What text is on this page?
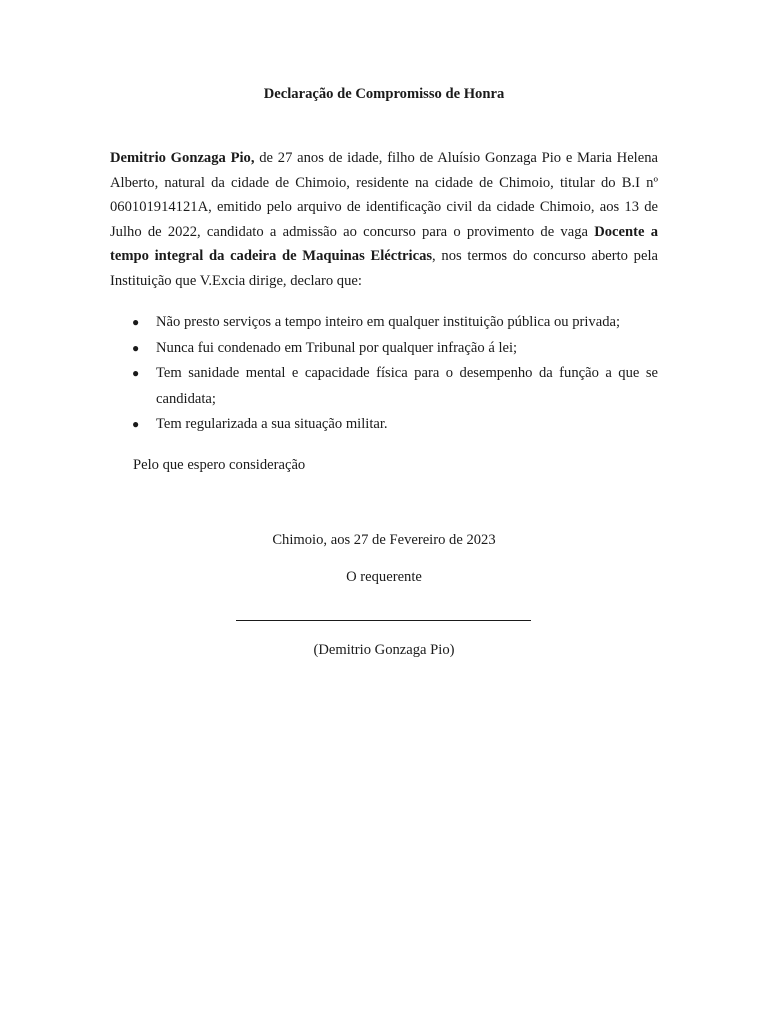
Declaração de Compromisso de Honra
Demitrio Gonzaga Pio, de 27 anos de idade, filho de Aluísio Gonzaga Pio e Maria Helena Alberto, natural da cidade de Chimoio, residente na cidade de Chimoio, titular do B.I nº 060101914121A, emitido pelo arquivo de identificação civil da cidade Chimoio, aos 13 de Julho de 2022, candidato a admissão ao concurso para o provimento de vaga Docente a tempo integral da cadeira de Maquinas Eléctricas, nos termos do concurso aberto pela Instituição que V.Excia dirige, declaro que:
● Não presto serviços a tempo inteiro em qualquer instituição pública ou privada;
● Nunca fui condenado em Tribunal por qualquer infração á lei;
● Tem sanidade mental e capacidade física para o desempenho da função a que se candidata;
● Tem regularizada a sua situação militar.
Pelo que espero consideração
Chimoio, aos 27 de Fevereiro de 2023
O requerente
(Demitrio Gonzaga Pio)
